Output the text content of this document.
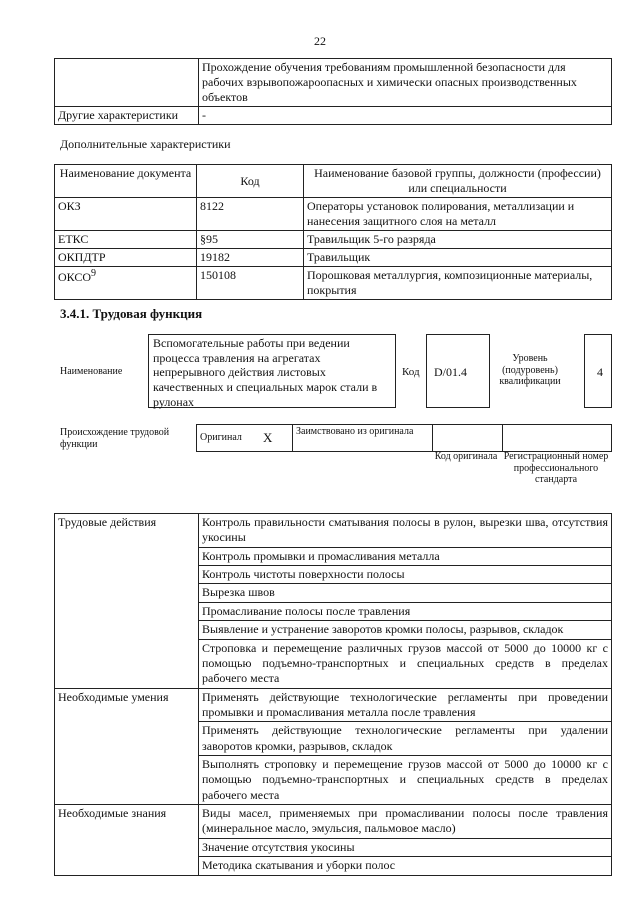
22
	Прохождение обучения требованиям промышленной безопасности для рабочих взрывопожароопасных и химически опасных производственных объектов
Другие характеристики	-
Дополнительные характеристики
Наименование документа	Код	Наименование базовой группы, должности (профессии) или специальности
ОКЗ	8122	Операторы установок полирования, металлизации и нанесения защитного слоя на металл
ЕТКС	§95	Травильщик 5-го разряда
ОКПДТР	19182	Травильщик
ОКСО$^9$	150108	Порошковая металлургия, композиционные материалы, покрытия
3.4.1. Трудовая функция
Наименование
Вспомогательные работы при ведении процесса травления на агрегатах непрерывного действия листовых качественных и специальных марок стали в рулонах
Код D/01.4
Уровень (подуровень) квалификации
4
Происхождение трудовой функции
Оригинал	X	Заимствовано из оригинала		
Код оригинала Регистрационный номер профессионального стандарта
Трудовые действия	Контроль правильности сматывания полосы в рулон, вырезки шва, отсутствия укосины
	Контроль промывки и промасливания металла
	Контроль чистоты поверхности полосы
	Вырезка швов
	Промасливание полосы после травления
	Выявление и устранение заворотов кромки полосы, разрывов, складок
	Строповка и перемещение различных грузов массой от 5000 до 10000 кг с помощью подъемно-транспортных и специальных средств в пределах рабочего места
Необходимые умения	Применять действующие технологические регламенты при проведении промывки и промасливания металла после травления
	Применять действующие технологические регламенты при удалении заворотов кромки, разрывов, складок
	Выполнять строповку и перемещение грузов массой от 5000 до 10000 кг с помощью подъемно-транспортных и специальных средств в пределах рабочего места
Необходимые знания	Виды масел, применяемых при промасливании полосы после травления (минеральное масло, эмульсия, пальмовое масло)
	Значение отсутствия укосины
	Методика скатывания и уборки полос
